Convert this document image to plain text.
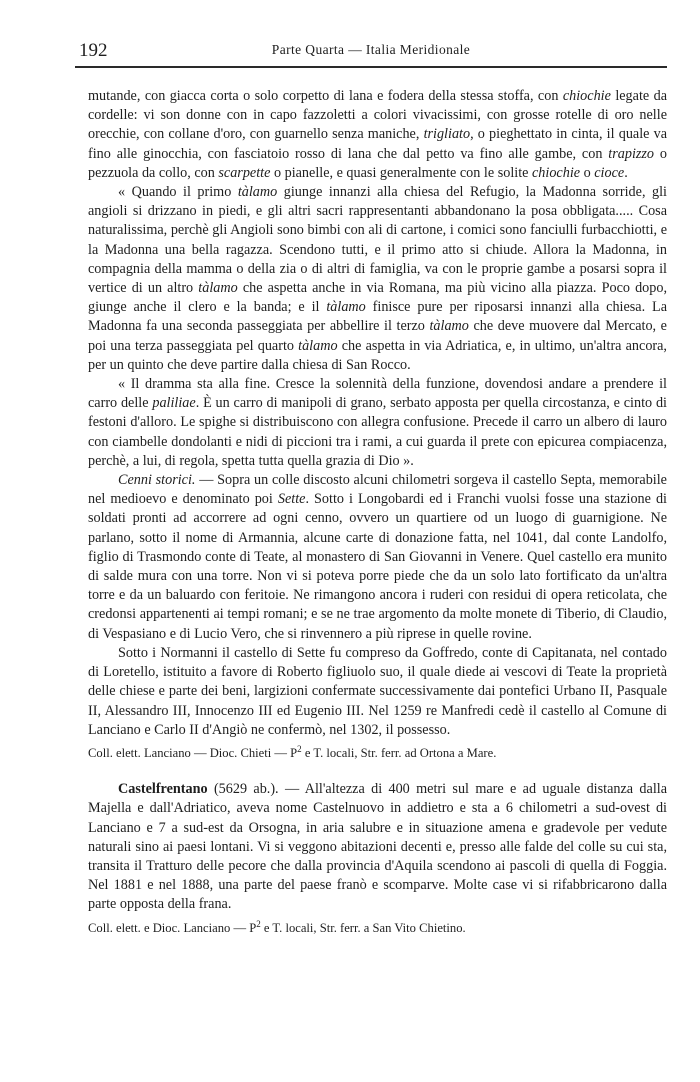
192	Parte Quarta — Italia Meridionale

mutande, con giacca corta o solo corpetto di lana e fodera della stessa stoffa, con chiochie legate da cordelle: vi son donne con in capo fazzoletti a colori vivacissimi, con grosse rotelle di oro nelle orecchie, con collane d'oro, con guarnello senza maniche, trigliato, o pieghettato in cinta, il quale va fino alle ginocchia, con fasciatoio rosso di lana che dal petto va fino alle gambe, con trapizzo o pezzuola da collo, con scarpette o pianelle, e quasi generalmente con le solite chiochie o cioce.

« Quando il primo tàlamo giunge innanzi alla chiesa del Refugio, la Madonna sorride, gli angioli si drizzano in piedi, e gli altri sacri rappresentanti abbandonano la posa obbligata..... Cosa naturalissima, perchè gli Angioli sono bimbi con ali di cartone, i comici sono fanciulli furbacchiotti, e la Madonna una bella ragazza. Scendono tutti, e il primo atto si chiude. Allora la Madonna, in compagnia della mamma o della zia o di altri di famiglia, va con le proprie gambe a posarsi sopra il vertice di un altro tàlamo che aspetta anche in via Romana, ma più vicino alla piazza. Poco dopo, giunge anche il clero e la banda; e il tàlamo finisce pure per riposarsi innanzi alla chiesa. La Madonna fa una seconda passeggiata per abbellire il terzo tàlamo che deve muovere dal Mercato, e poi una terza passeggiata pel quarto tàlamo che aspetta in via Adriatica, e, in ultimo, un'altra ancora, per un quinto che deve partire dalla chiesa di San Rocco.

« Il dramma sta alla fine. Cresce la solennità della funzione, dovendosi andare a prendere il carro delle paliliae. È un carro di manipoli di grano, serbato apposta per quella circostanza, e cinto di festoni d'alloro. Le spighe si distribuiscono con allegra confusione. Precede il carro un albero di lauro con ciambelle dondolanti e nidi di piccioni tra i rami, a cui guarda il prete con epicurea compiacenza, perchè, a lui, di regola, spetta tutta quella grazia di Dio ».

Cenni storici. — Sopra un colle discosto alcuni chilometri sorgeva il castello Septa, memorabile nel medioevo e denominato poi Sette. Sotto i Longobardi ed i Franchi vuolsi fosse una stazione di soldati pronti ad accorrere ad ogni cenno, ovvero un quartiere od un luogo di guarnigione. Ne parlano, sotto il nome di Armannia, alcune carte di donazione fatta, nel 1041, dal conte Landolfo, figlio di Trasmondo conte di Teate, al monastero di San Giovanni in Venere. Quel castello era munito di salde mura con una torre. Non vi si poteva porre piede che da un solo lato fortificato da un'altra torre e da un baluardo con feritoie. Ne rimangono ancora i ruderi con residui di opera reticolata, che credonsi appartenenti ai tempi romani; e se ne trae argomento da molte monete di Tiberio, di Claudio, di Vespasiano e di Lucio Vero, che si rinvennero a più riprese in quelle rovine.

Sotto i Normanni il castello di Sette fu compreso da Goffredo, conte di Capitanata, nel contado di Loretello, istituito a favore di Roberto figliuolo suo, il quale diede ai vescovi di Teate la proprietà delle chiese e parte dei beni, largizioni confermate successivamente dai pontefici Urbano II, Pasquale II, Alessandro III, Innocenzo III ed Eugenio III. Nel 1259 re Manfredi cedè il castello al Comune di Lanciano e Carlo II d'Angiò ne confermò, nel 1302, il possesso.

Coll. elett. Lanciano — Dioc. Chieti — $P^2$ e T. locali, Str. ferr. ad Ortona a Mare.

Castelfrentano (5629 ab.). — All'altezza di 400 metri sul mare e ad uguale distanza dalla Majella e dall'Adriatico, aveva nome Castelnuovo in addietro e sta a 6 chilometri a sud-ovest di Lanciano e 7 a sud-est da Orsogna, in aria salubre e in situazione amena e gradevole per vedute naturali sino ai paesi lontani. Vi si veggono abitazioni decenti e, presso alle falde del colle su cui sta, transita il Tratturo delle pecore che dalla provincia d'Aquila scendono ai pascoli di quella di Foggia. Nel 1881 e nel 1888, una parte del paese franò e scomparve. Molte case vi si rifabbricarono dalla parte opposta della frana.

Coll. elett. e Dioc. Lanciano — $P^2$ e T. locali, Str. ferr. a San Vito Chietino.
